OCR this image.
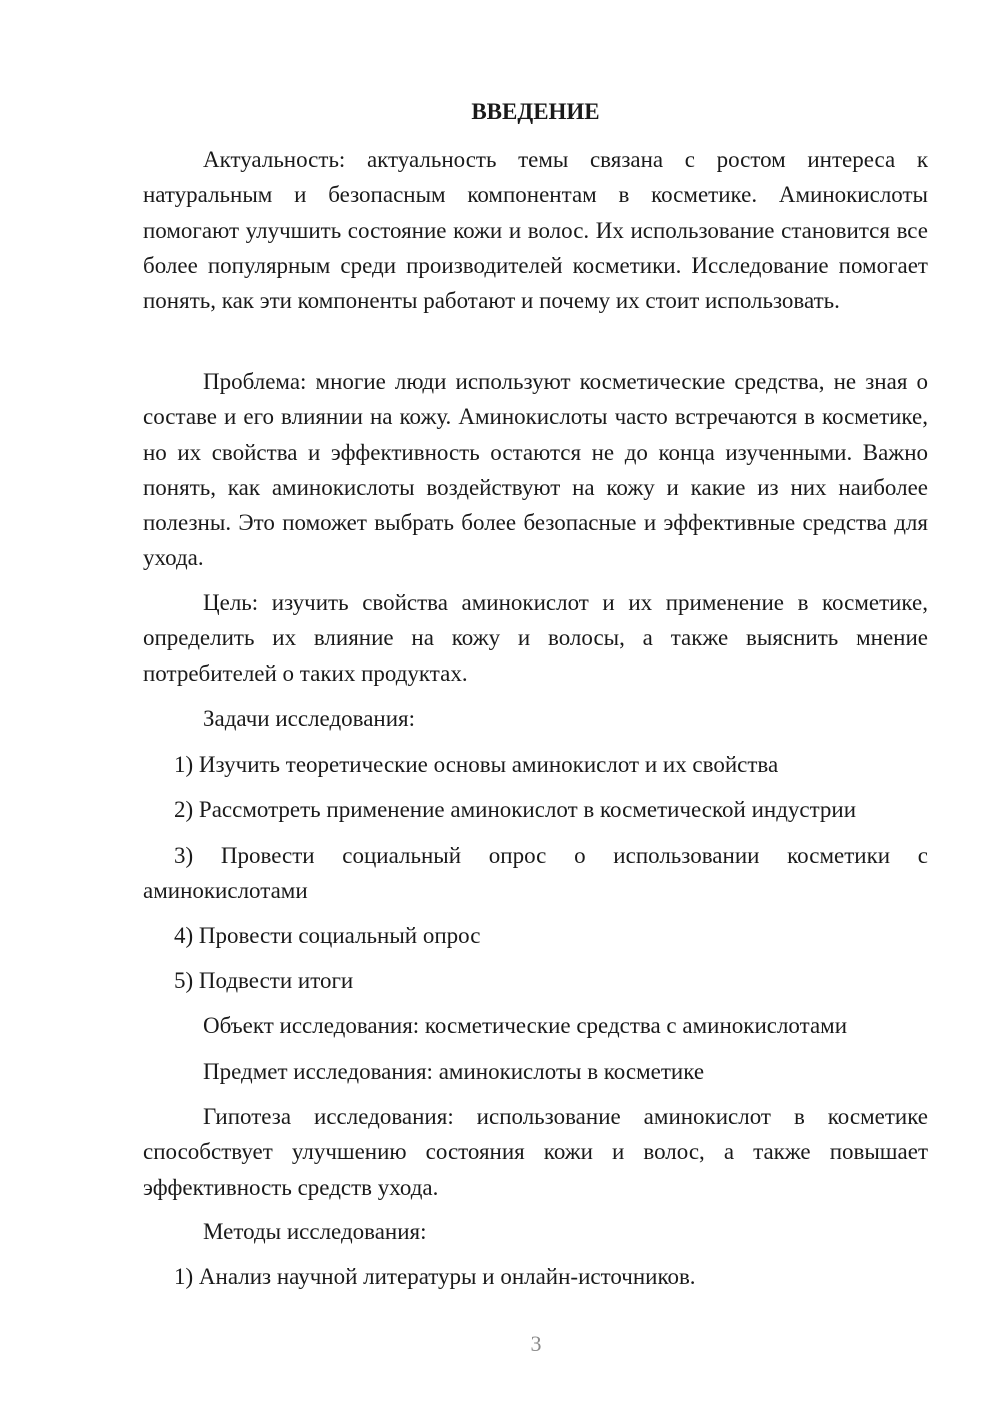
ВВЕДЕНИЕ

Актуальность: актуальность темы связана с ростом интереса к натуральным и безопасным компонентам в косметике. Аминокислоты помогают улучшить состояние кожи и волос. Их использование становится все более популярным среди производителей косметики. Исследование помогает понять, как эти компоненты работают и почему их стоит использовать.

Проблема: многие люди используют косметические средства, не зная о составе и его влиянии на кожу. Аминокислоты часто встречаются в косметике, но их свойства и эффективность остаются не до конца изученными. Важно понять, как аминокислоты воздействуют на кожу и какие из них наиболее полезны. Это поможет выбрать более безопасные и эффективные средства для ухода.

Цель: изучить свойства аминокислот и их применение в косметике, определить их влияние на кожу и волосы, а также выяснить мнение потребителей о таких продуктах.

Задачи исследования:

1) Изучить теоретические основы аминокислот и их свойства

2) Рассмотреть применение аминокислот в косметической индустрии

3) Провести социальный опрос о использовании косметики с аминокислотами

4) Провести социальный опрос

5) Подвести итоги

Объект исследования: косметические средства с аминокислотами

Предмет исследования: аминокислоты в косметике

Гипотеза исследования: использование аминокислот в косметике способствует улучшению состояния кожи и волос, а также повышает эффективность средств ухода.

Методы исследования:

1) Анализ научной литературы и онлайн-источников.

3
